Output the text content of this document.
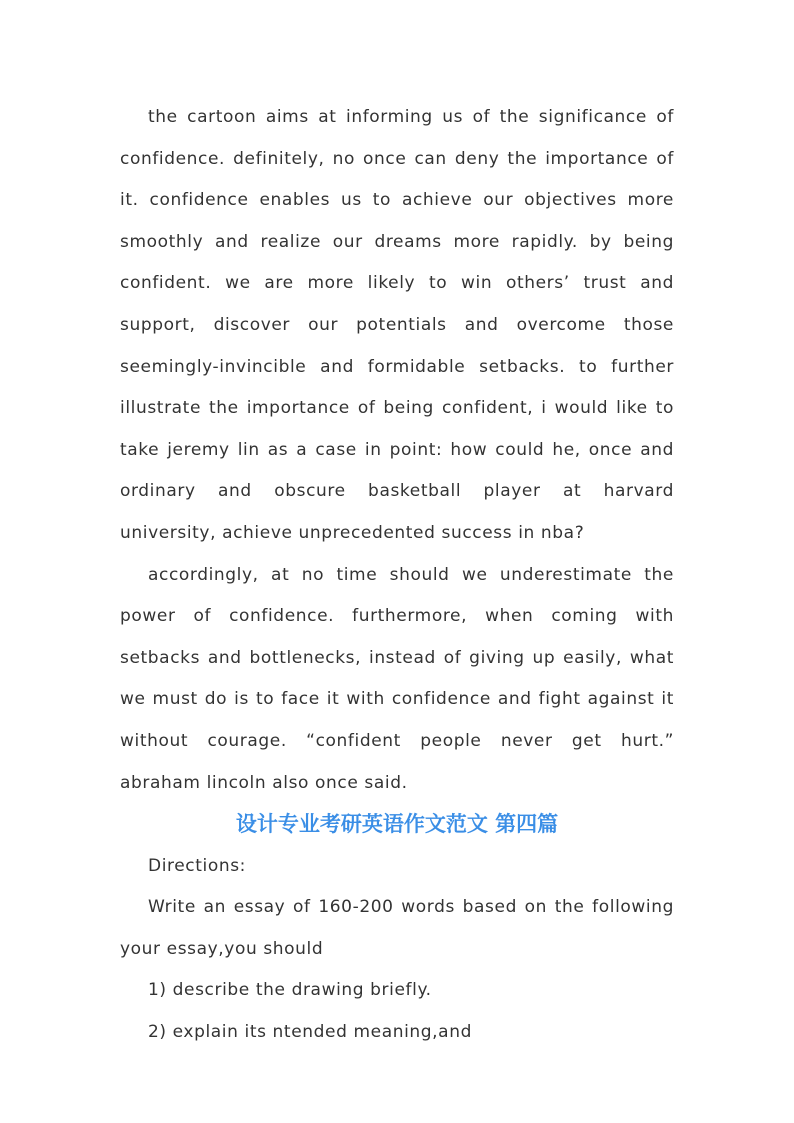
the cartoon aims at informing us of the significance of confidence. definitely, no once can deny the importance of it. confidence enables us to achieve our objectives more smoothly and realize our dreams more rapidly. by being confident. we are more likely to win others’ trust and support, discover our potentials and overcome those seemingly-invincible and formidable setbacks. to further illustrate the importance of being confident, i would like to take jeremy lin as a case in point: how could he, once and ordinary and obscure basketball player at harvard university, achieve unprecedented success in nba?

accordingly, at no time should we underestimate the power of confidence. furthermore, when coming with setbacks and bottlenecks, instead of giving up easily, what we must do is to face it with confidence and fight against it without courage. “confident people never get hurt.” abraham lincoln also once said.

设计专业考研英语作文范文 第四篇

Directions:

Write an essay of 160-200 words based on the following your essay,you should

1) describe the drawing briefly.

2) explain its ntended meaning,and
